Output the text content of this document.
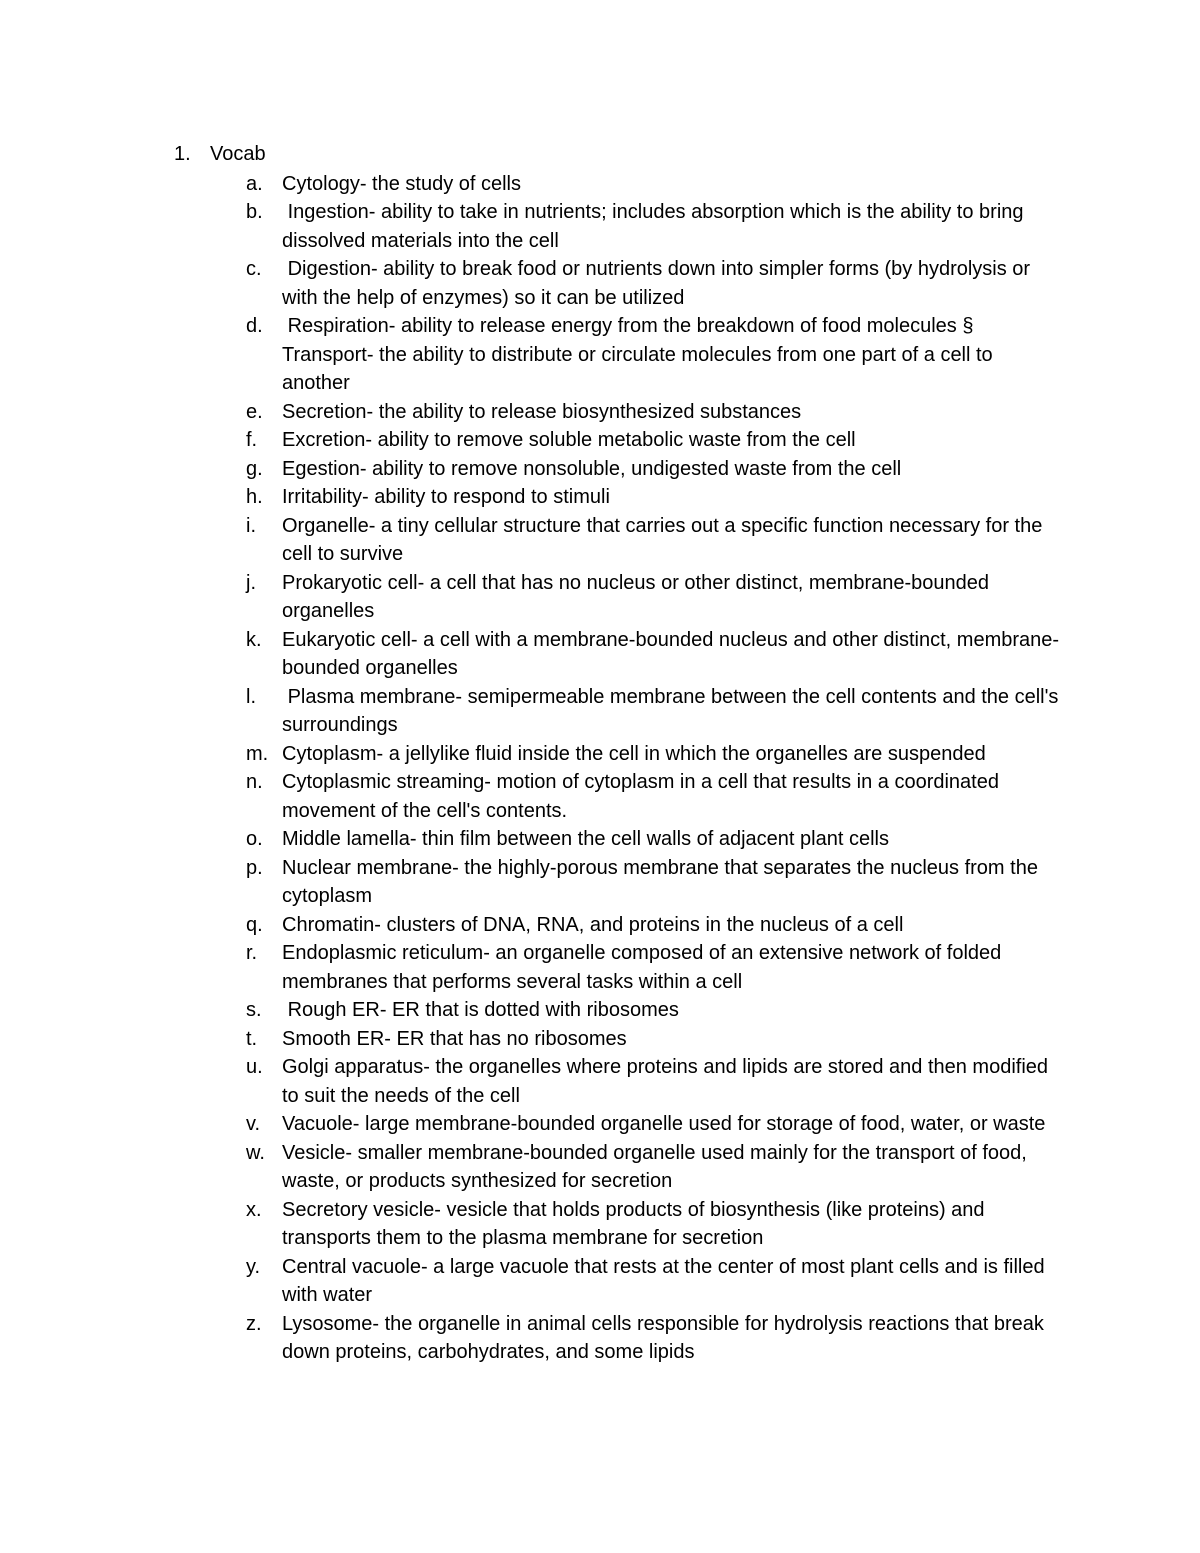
1. Vocab
a. Cytology- the study of cells
b. Ingestion- ability to take in nutrients; includes absorption which is the ability to bring dissolved materials into the cell
c.	Digestion- ability to break food or nutrients down into simpler forms (by hydrolysis or with the help of enzymes) so it can be utilized
d. Respiration- ability to release energy from the breakdown of food molecules § Transport- the ability to distribute or circulate molecules from one part of a cell to another
e. Secretion- the ability to release biosynthesized substances
f.	Excretion- ability to remove soluble metabolic waste from the cell
g. Egestion- ability to remove nonsoluble, undigested waste from the cell
h. Irritability- ability to respond to stimuli
i.	Organelle- a tiny cellular structure that carries out a specific function necessary for the cell to survive
j.	Prokaryotic cell- a cell that has no nucleus or other distinct, membrane-bounded organelles
k.	Eukaryotic cell- a cell with a membrane-bounded nucleus and other distinct, membrane-bounded organelles
l.	Plasma membrane- semipermeable membrane between the cell contents and the cell's surroundings
m. Cytoplasm- a jellylike fluid inside the cell in which the organelles are suspended
n. Cytoplasmic streaming- motion of cytoplasm in a cell that results in a coordinated movement of the cell's contents.
o. Middle lamella- thin film between the cell walls of adjacent plant cells
p. Nuclear membrane- the highly-porous membrane that separates the nucleus from the cytoplasm
q. Chromatin- clusters of DNA, RNA, and proteins in the nucleus of a cell
r.	Endoplasmic reticulum- an organelle composed of an extensive network of folded membranes that performs several tasks within a cell
s.	Rough ER- ER that is dotted with ribosomes
t.	Smooth ER- ER that has no ribosomes
u. Golgi apparatus- the organelles where proteins and lipids are stored and then modified to suit the needs of the cell
v.	Vacuole- large membrane-bounded organelle used for storage of food, water, or waste
w. Vesicle- smaller membrane-bounded organelle used mainly for the transport of food, waste, or products synthesized for secretion
x.	Secretory vesicle- vesicle that holds products of biosynthesis (like proteins) and transports them to the plasma membrane for secretion
y.	Central vacuole- a large vacuole that rests at the center of most plant cells and is filled with water
z.	Lysosome- the organelle in animal cells responsible for hydrolysis reactions that break down proteins, carbohydrates, and some lipids
